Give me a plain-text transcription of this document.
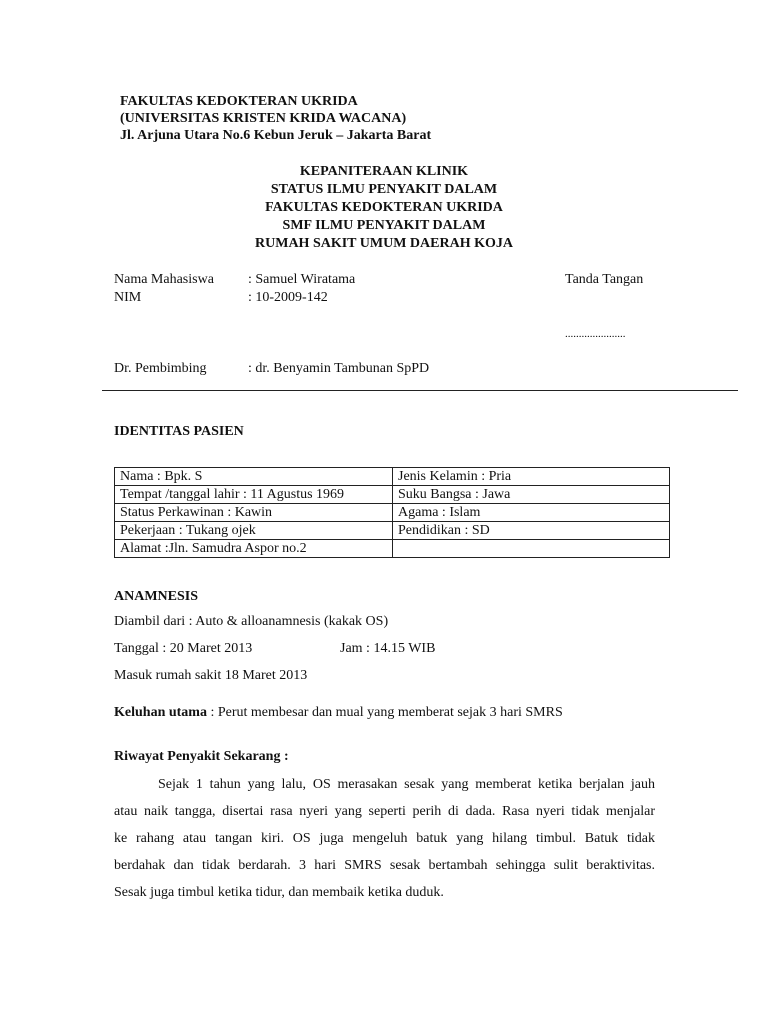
FAKULTAS KEDOKTERAN UKRIDA
(UNIVERSITAS KRISTEN KRIDA WACANA)
Jl. Arjuna Utara No.6 Kebun Jeruk – Jakarta Barat
KEPANITERAAN KLINIK
STATUS ILMU PENYAKIT DALAM
FAKULTAS KEDOKTERAN UKRIDA
SMF ILMU PENYAKIT DALAM
RUMAH SAKIT UMUM DAERAH KOJA
Nama Mahasiswa : Samuel Wiratama	Tanda Tangan
NIM	: 10-2009-142
......................
Dr. Pembimbing	: dr. Benyamin Tambunan SpPD
IDENTITAS PASIEN
Nama : Bpk. S	Jenis Kelamin : Pria
Tempat /tanggal lahir : 11 Agustus 1969	Suku Bangsa : Jawa
Status Perkawinan : Kawin	Agama : Islam
Pekerjaan : Tukang ojek	Pendidikan : SD
Alamat :Jln. Samudra Aspor no.2	
ANAMNESIS
Diambil dari : Auto & alloanamnesis (kakak OS)
Tanggal : 20 Maret 2013	Jam : 14.15 WIB
Masuk rumah sakit 18 Maret 2013
Keluhan utama : Perut membesar dan mual yang memberat sejak 3 hari SMRS
Riwayat Penyakit Sekarang :

Sejak 1 tahun yang lalu, OS merasakan sesak yang memberat ketika berjalan jauh

atau naik tangga, disertai rasa nyeri yang seperti perih di dada. Rasa nyeri tidak menjalar

ke rahang atau tangan kiri. OS juga mengeluh batuk yang hilang timbul. Batuk tidak

berdahak dan tidak berdarah. 3 hari SMRS sesak bertambah sehingga sulit beraktivitas.

Sesak juga timbul ketika tidur, dan membaik ketika duduk.
